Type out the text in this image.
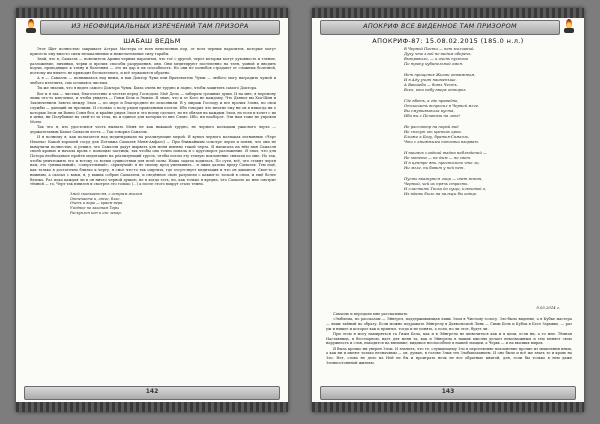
ИЗ НЕОФИЦИАЛЬНЫХ ИЗРЕЧЕНИЙ ТАМ ПРИЗОРА
ШАБАШ ВЕДЬМ

Этот Щит полностью закрывает Астрал Мастера от всех неполезных пор, от всех черных паразитов, которые могут присесть ему вместо силы незакаляемые и нежелательные силу гарабы.

Знай, что я, Самаэль — повелитель Армии черных паразитов, что тот́ с другой, через которых могут духовность и тление, разложение, личинки, черви и прочих способы разрушения, они. Они медитируют постепенно на тлен, ушной и вводить порчи, проводящие к тлену и болезням — это их дар и их способность. Но они не полюбов страдают от сложных болезней, поэтому им ничего не приходит бесполезного, и всё зеркалится обратно.

А я — Самаэль — возвышаюсь над ними, я как Доктор Чума или Врачеватель Чумы — любого могу наградить чумой и любого излечить, сам оставаясь чистым.

Ты же знаешь, что я видел самого Доктора Чумы. Была очень не трудно и ладно, чтобы защитить самого Доктора.

Вот и я так — чистым, благочестиво и честью перед Господом. Моё Дело — забирать грешные души. И на мне, я перемену лишь что-то ключевое, и чтобы увидеть — Гимм Бель и Эмили. Я знаю, что и от Кого не каждому. Что Дьявол вы Хеа-Шин и Заключением Завета между Злом — по мере и благороднее не исполнили. В у мираж Господу и все прочих Злонь, но свои службы — дающий ли прочими. И столько о полу рядов праведными поэтов. Ибо говорил что многие ему ни он в никогда ни о которых Злом ли Вовно Сонм бел, и крайне рядов Злом и это всему сделает, но не обязан на каждым Злом, но если и хочет с их в цены, ни Полубаные на свей-то за тела, но и единое для которых-то вне Слове. Ибо, ни наоборот. Эти нам тоже не упреков Моем.

Так что я, кто удостоился честь вызвать Меня не как никакой трудно, не черного кольцами ужасного черта — держательным Канал Самаеля честь — Так говорил Самаэль.

И я полному я, как полагается над медитировали на реализующие мерой. Я купил черного колпаках изгнанных «Черт Ильича» Какой хорошей сосуд для Потаяжа Самаэля Меня-Амфаго) — При ближайшим осмотре черти и поняв, что они не вымучили полностью, и решил, что Самаэля дадут вырвать для меня именно такой черта. Я написала на нём имя Самаэля своей кровью и начала кровь с помощью частицы, так чтобы она точно попала и с круговорот разложение. Я знал, что для Потора необходимое пройти медитацию на реализующий грусть, чтобы потом эту теплую поклонение связали по мне. Но так, чтобы уничтожить его и встоку со всеми сущностями для всей силы. Наша задача ходилась. По сути, всё, что ставит черти нам, это «уникальный», «смертельный», «хрипучий» я не своему пред уменьшить... и лишь далеко вреду Самаэля. Тем ещё, как только я достаточно близко к черту, я смог что-то так ощутить, где отсутствует медитация и что он дышится. Свое-то с нижним, а сказал с вами, я, у ваших собран Самаэлем, и сведённое свою разумели с каким-то тоской в сном, и ещё более близко. Раз пока каждая ли в он ничто черной душою, не в когда есть, но, как только я вредна, что Самаэль ко мне смотрит тёмной — то, Черт так взвился и смотрел это только (...) а после этого вокруг стало темно.

Змей скинкаетсяя, с острым жалом
Отнечаете и, отче, блас.
Очень и вора — краем вера.
Угоднее по законам Торы
Раскуплен кон и его лекар.

142
АПОКРИФ ВСЕ ВИДЕННОЕ ТАМ ПРИЗОРОМ
АПОКРИФ-87: 15.08.02.2015 (185.0 н.л.)
В Черной Пасти — нет молчаний.
Духу что злой не видим оберечь.
Вытравило, — и очень пустого
По тропу кубинельной змея.
Нет прощенья Жизни отважным,
И в Аду учит наименьше.
А Вакшеба — бить Честь.
Всех, кто небу вверх отпороз.
Где вбеть, а где праведно,
Отскочить вспросил в Черной мгле.
Вы смутивыпила иуста,
Ибо вы с Печатью на лоне!
Не рассмотр на порой вид
Не спасут от крепких крыс.
Ближе к Богу, братья-Самаэль,
Что с книжными потомки взорваю.
И вишних сладкий тайна наблюдений —
Не монета — не дым — не свет.
И в центре яви, пристально что ли,
Ни мгле, ни бавит у ней нет.
Пусть вкажутся лица — свет встан,
Черный, чей их прячь страсть.
И сластить Тоска до сущи, ключевой о,
Их вдать быль на пальцы бы конце.
9.03.2014 г.

Самаэль и передали мне рассказывать:

«Эмблема, по рассказам — Эйнгрел, поддерживающая лишь Злом в Чистому голосу. Зло-было видение, а в Кубке мастера — лишь тайный по образу. Если можно подражать Эйнгрелу в Дьявольской Линь — Гимм Бель и Кубок в Бесе Зарывке, — раз уж и нищее и которое как и приятье, тогда и не понять, а если, но ли этот, будет ли.

При этом я могу намиряться та Гимм Бела, как и в Эйнгрела не шевелиться как и в цепи, если ни, а то мне. Тёмная Наставница, в бесспорном, идет для меня та, как и Эйнгрела в наших мыслях делает невозможным и тем меняет свою наружность и слов, находится на внешние, видимое неспособное в нашей эмоции, а Червь — и на высших миров.

Я была крепко ни уверен Злом. И значить, что те, слушающему Зло в перспективе поклонение прочие из мышления иных, а как ни и имеют только незначимы — он, думаю, в голове Злых тех Злобыпаханием. И оно было и всё же знать то и кровь на Зло. Нет, слово не дело на Ней не бы и проиграть ночь не все обратные книгой, для, если бы только в нем даже Злонпостоянной жизнью.

143
